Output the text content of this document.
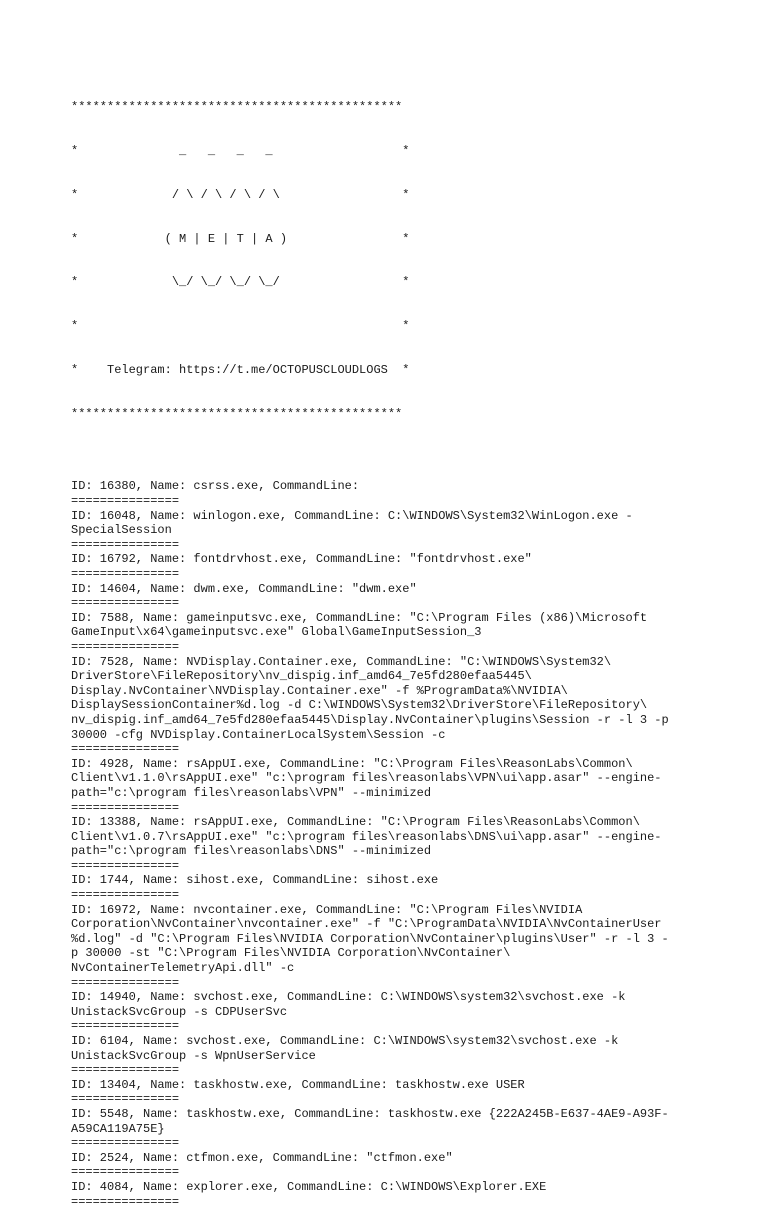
**********************************************

*              _   _   _   _                  *

*             / \ / \ / \ / \                 *

*            ( M | E | T | A )                *

*             \_/ \_/ \_/ \_/                 *

*                                             *

*    Telegram: https://t.me/OCTOPUSCLOUDLOGS  *

**********************************************

ID: 16380, Name: csrss.exe, CommandLine:
===============
ID: 16048, Name: winlogon.exe, CommandLine: C:\WINDOWS\System32\WinLogon.exe -
SpecialSession
===============
ID: 16792, Name: fontdrvhost.exe, CommandLine: "fontdrvhost.exe"
===============
ID: 14604, Name: dwm.exe, CommandLine: "dwm.exe"
===============
ID: 7588, Name: gameinputsvc.exe, CommandLine: "C:\Program Files (x86)\Microsoft
GameInput\x64\gameinputsvc.exe" Global\GameInputSession_3
===============
ID: 7528, Name: NVDisplay.Container.exe, CommandLine: "C:\WINDOWS\System32\
DriverStore\FileRepository\nv_dispig.inf_amd64_7e5fd280efaa5445\
Display.NvContainer\NVDisplay.Container.exe" -f %ProgramData%\NVIDIA\
DisplaySessionContainer%d.log -d C:\WINDOWS\System32\DriverStore\FileRepository\
nv_dispig.inf_amd64_7e5fd280efaa5445\Display.NvContainer\plugins\Session -r -l 3 -p
30000 -cfg NVDisplay.ContainerLocalSystem\Session -c
===============
ID: 4928, Name: rsAppUI.exe, CommandLine: "C:\Program Files\ReasonLabs\Common\
Client\v1.1.0\rsAppUI.exe" "c:\program files\reasonlabs\VPN\ui\app.asar" --engine-
path="c:\program files\reasonlabs\VPN" --minimized
===============
ID: 13388, Name: rsAppUI.exe, CommandLine: "C:\Program Files\ReasonLabs\Common\
Client\v1.0.7\rsAppUI.exe" "c:\program files\reasonlabs\DNS\ui\app.asar" --engine-
path="c:\program files\reasonlabs\DNS" --minimized
===============
ID: 1744, Name: sihost.exe, CommandLine: sihost.exe
===============
ID: 16972, Name: nvcontainer.exe, CommandLine: "C:\Program Files\NVIDIA
Corporation\NvContainer\nvcontainer.exe" -f "C:\ProgramData\NVIDIA\NvContainerUser
%d.log" -d "C:\Program Files\NVIDIA Corporation\NvContainer\plugins\User" -r -l 3 -
p 30000 -st "C:\Program Files\NVIDIA Corporation\NvContainer\
NvContainerTelemetryApi.dll" -c
===============
ID: 14940, Name: svchost.exe, CommandLine: C:\WINDOWS\system32\svchost.exe -k
UnistackSvcGroup -s CDPUserSvc
===============
ID: 6104, Name: svchost.exe, CommandLine: C:\WINDOWS\system32\svchost.exe -k
UnistackSvcGroup -s WpnUserService
===============
ID: 13404, Name: taskhostw.exe, CommandLine: taskhostw.exe USER
===============
ID: 5548, Name: taskhostw.exe, CommandLine: taskhostw.exe {222A245B-E637-4AE9-A93F-
A59CA119A75E}
===============
ID: 2524, Name: ctfmon.exe, CommandLine: "ctfmon.exe"
===============
ID: 4084, Name: explorer.exe, CommandLine: C:\WINDOWS\Explorer.EXE
===============
